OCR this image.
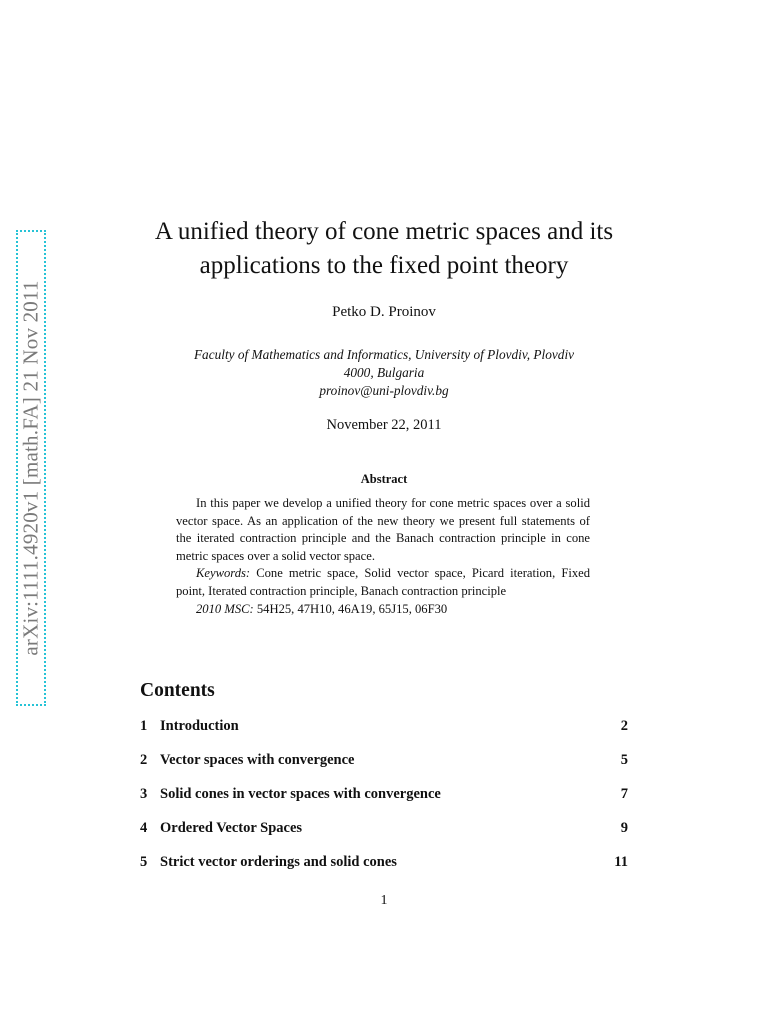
arXiv:1111.4920v1 [math.FA] 21 Nov 2011
A unified theory of cone metric spaces and its
applications to the fixed point theory
Petko D. Proinov
Faculty of Mathematics and Informatics, University of Plovdiv, Plovdiv
4000, Bulgaria
proinov@uni-plovdiv.bg
November 22, 2011
Abstract

In this paper we develop a unified theory for cone metric spaces over a solid vector space. As an application of the new theory we present full statements of the iterated contraction principle and the Banach contraction principle in cone metric spaces over a solid vector space.

Keywords: Cone metric space, Solid vector space, Picard iteration, Fixed point, Iterated contraction principle, Banach contraction principle

2010 MSC: 54H25, 47H10, 46A19, 65J15, 06F30

Contents
1 Introduction	2
2 Vector spaces with convergence	5
3 Solid cones in vector spaces with convergence	7
4 Ordered Vector Spaces	9
5 Strict vector orderings and solid cones	11
1
